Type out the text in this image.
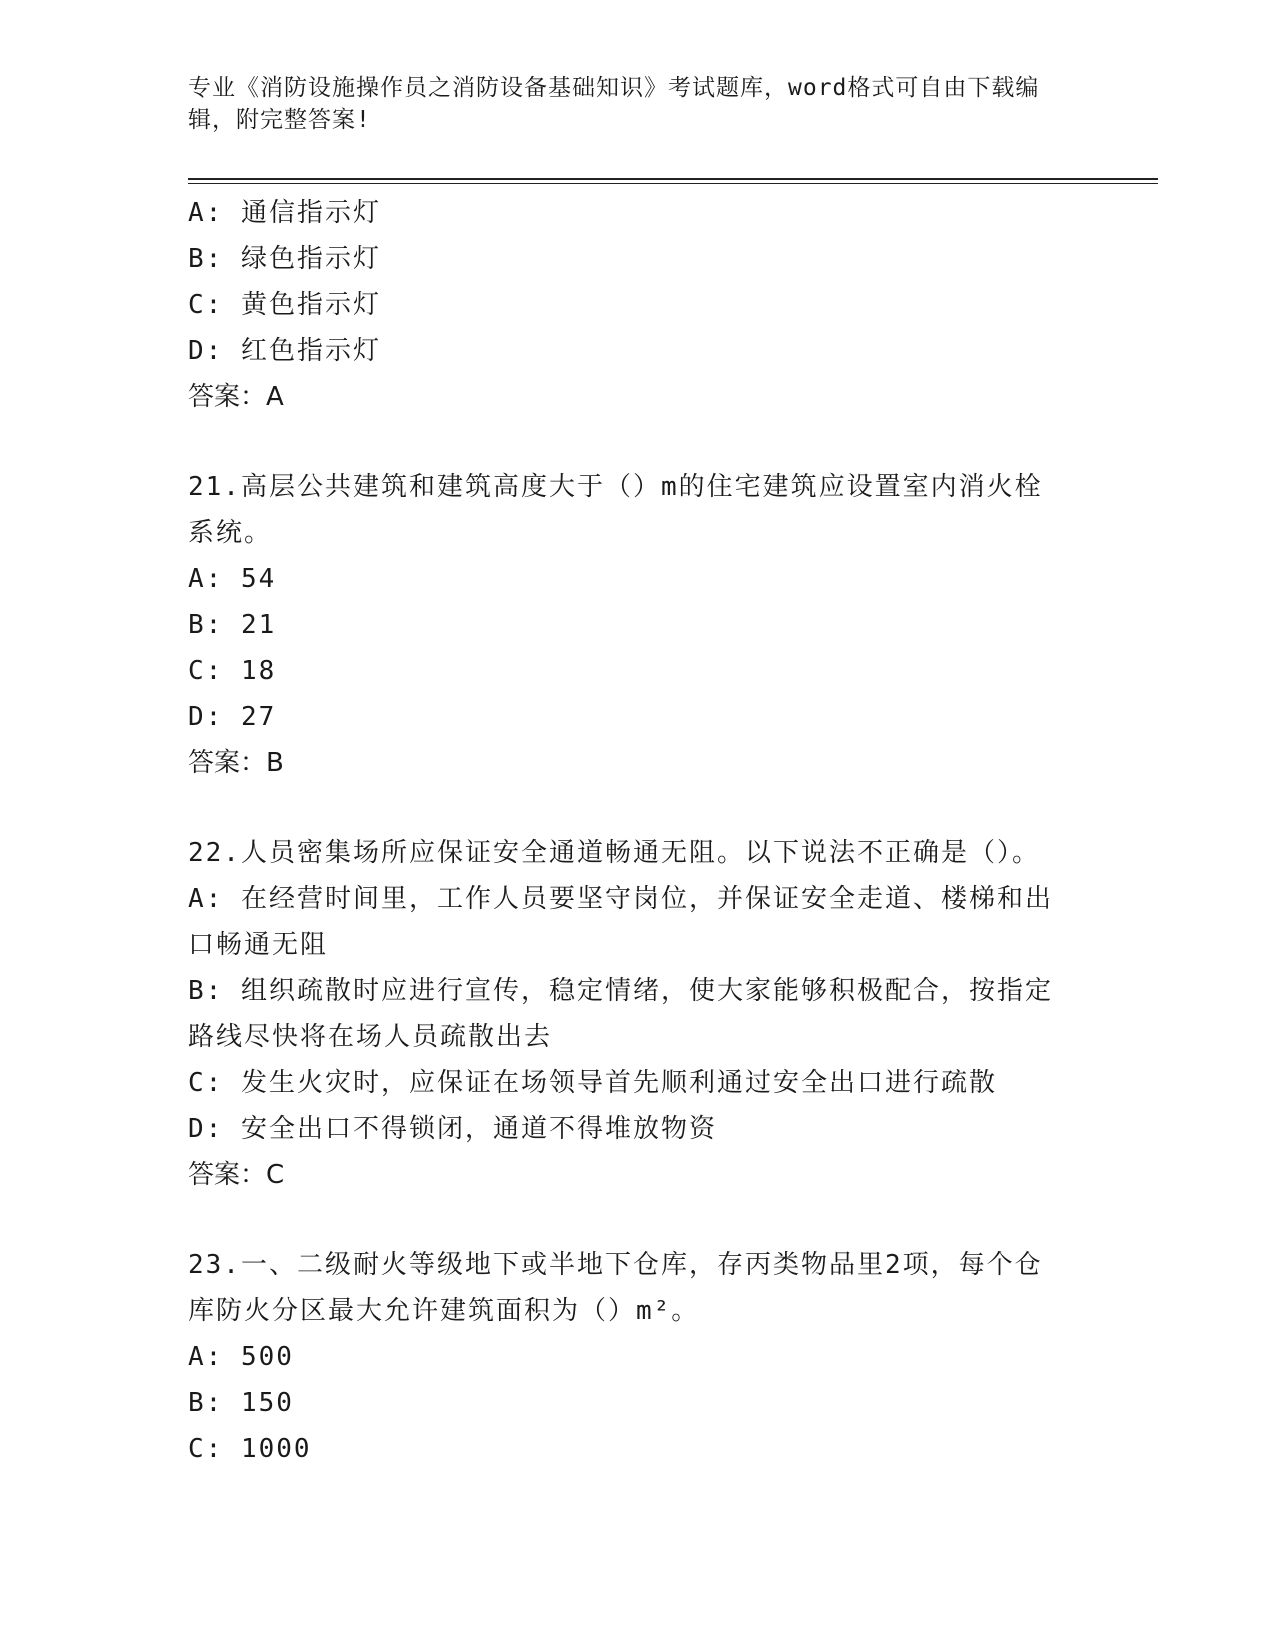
专业《消防设施操作员之消防设备基础知识》考试题库，word格式可自由下载编
辑，附完整答案!
A: 通信指示灯
B: 绿色指示灯
C: 黄色指示灯
D: 红色指示灯
答案：A
21.高层公共建筑和建筑高度大于（）m的住宅建筑应设置室内消火栓
系统。
A: 54
B: 21
C: 18
D: 27
答案：B
22.人员密集场所应保证安全通道畅通无阻。以下说法不正确是（）。
A: 在经营时间里，工作人员要坚守岗位，并保证安全走道、楼梯和出
口畅通无阻
B: 组织疏散时应进行宣传，稳定情绪，使大家能够积极配合，按指定
路线尽快将在场人员疏散出去
C: 发生火灾时，应保证在场领导首先顺利通过安全出口进行疏散
D: 安全出口不得锁闭，通道不得堆放物资
答案：C
23.一、二级耐火等级地下或半地下仓库，存丙类物品里2项，每个仓
库防火分区最大允许建筑面积为（）m²。
A: 500
B: 150
C: 1000
